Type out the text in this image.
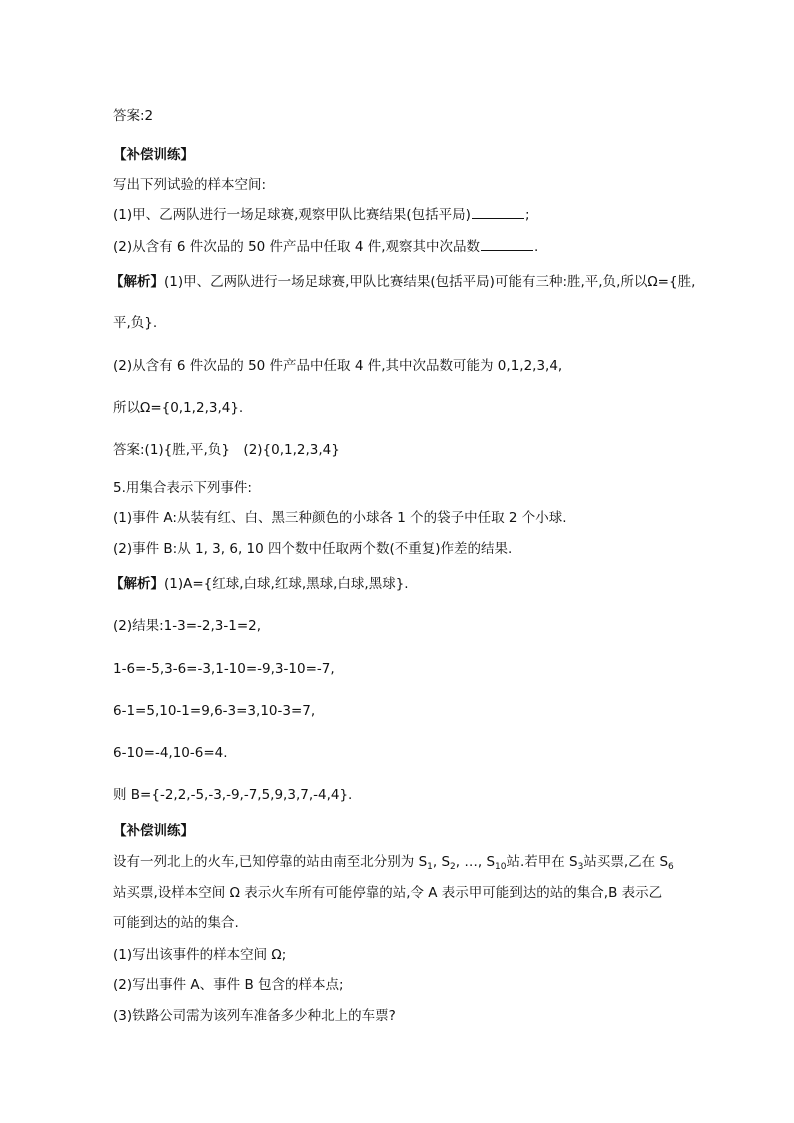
答案:2
【补偿训练】
写出下列试验的样本空间:
(1)甲、乙两队进行一场足球赛,观察甲队比赛结果(包括平局)	;
(2)从含有 6 件次品的 50 件产品中任取 4 件,观察其中次品数	.
【解析】(1)甲、乙两队进行一场足球赛,甲队比赛结果(包括平局)可能有三种:胜,平,负,所以Ω={胜,
平,负}.
(2)从含有 6 件次品的 50 件产品中任取 4 件,其中次品数可能为 0,1,2,3,4,
所以Ω={0,1,2,3,4}.
答案:(1){胜,平,负}　(2){0,1,2,3,4}
5.用集合表示下列事件:
(1)事件 A:从装有红、白、黑三种颜色的小球各 1 个的袋子中任取 2 个小球.
(2)事件 B:从 1, 3, 6, 10 四个数中任取两个数(不重复)作差的结果.
【解析】(1)A={红球,白球,红球,黑球,白球,黑球}.
(2)结果:1-3=-2,3-1=2,
1-6=-5,3-6=-3,1-10=-9,3-10=-7,
6-1=5,10-1=9,6-3=3,10-3=7,
6-10=-4,10-6=4.
则 B={-2,2,-5,-3,-9,-7,5,9,3,7,-4,4}.
【补偿训练】
设有一列北上的火车,已知停靠的站由南至北分别为 $S_1$, $S_2$, …, $S_{10}$站.若甲在 $S_3$站买票,乙在 $S_6$
站买票,设样本空间 Ω 表示火车所有可能停靠的站,令 A 表示甲可能到达的站的集合,B 表示乙
可能到达的站的集合.
(1)写出该事件的样本空间 Ω;
(2)写出事件 A、事件 B 包含的样本点;
(3)铁路公司需为该列车准备多少种北上的车票?
